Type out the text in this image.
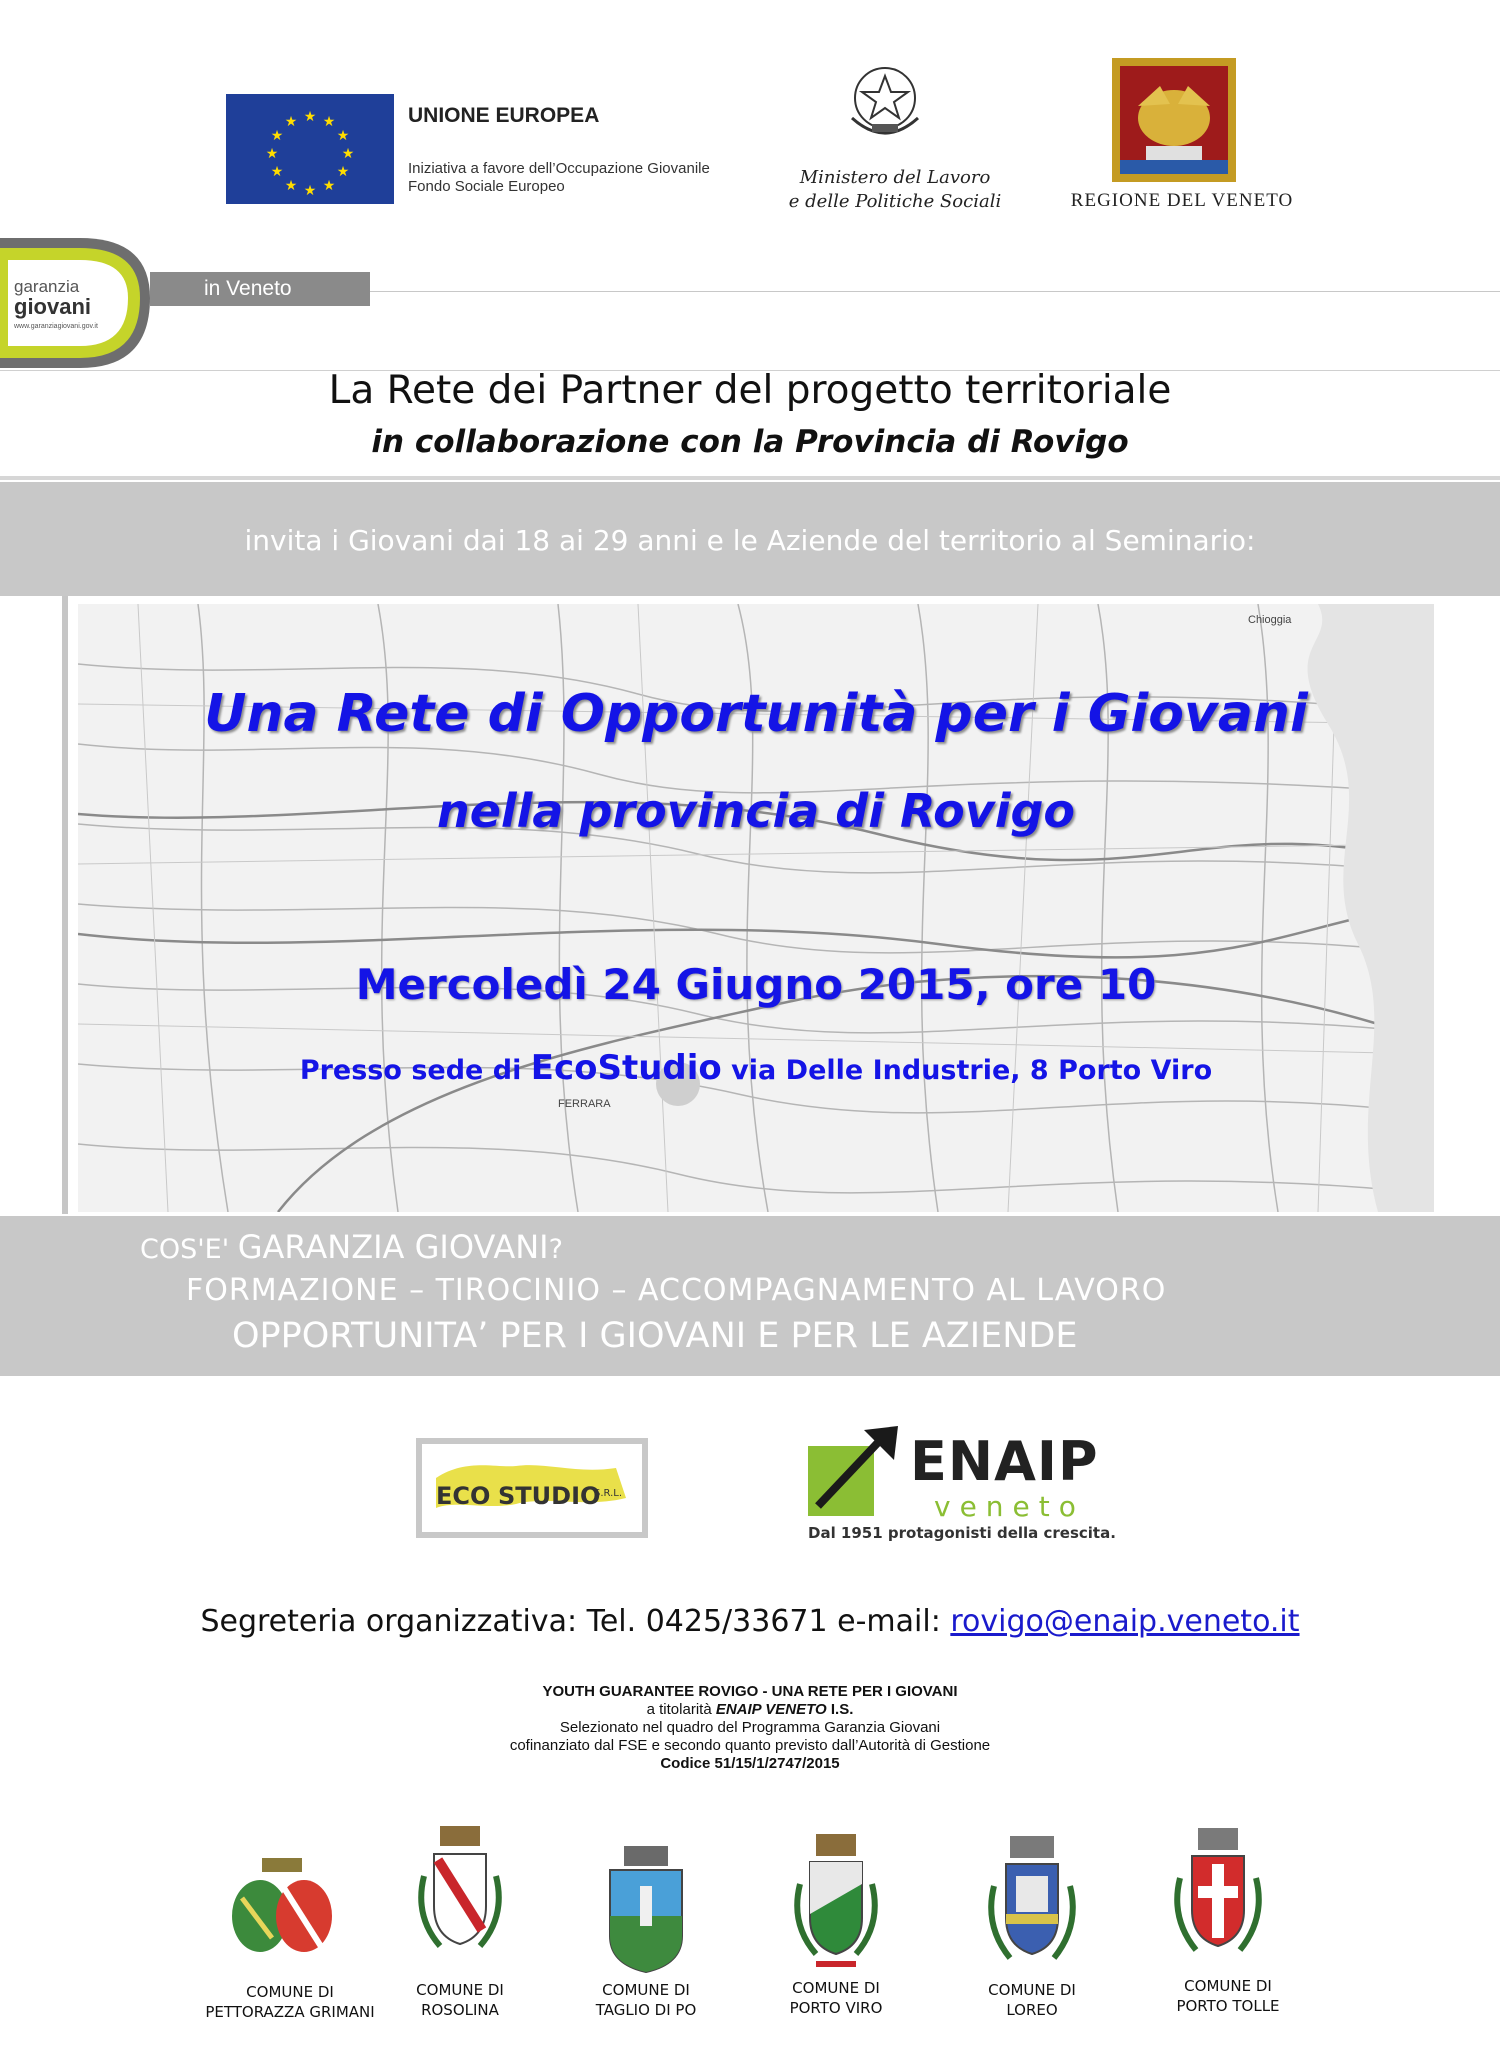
★ ★
★
★
★
★
★
★
★
★
★
★	UNIONE EUROPEA
Iniziativa a favore dell’Occupazione Giovanile
Fondo Sociale Europeo	Ministero del Lavoro
e delle Politiche Sociali	REGIONE DEL VENETO
in Veneto
garanzia
giovani
www.garanziagiovani.gov.it
La Rete dei Partner del progetto territoriale
in collaborazione con la Provincia di Rovigo
invita i Giovani dai 18 ai 29 anni e le Aziende del territorio al Seminario:
Chioggia
FERRARA
Una Rete di Opportunità per i Giovani
nella provincia di Rovigo
Mercoledì 24 Giugno 2015, ore 10
Presso sede di EcoStudio via Delle Industrie, 8 Porto Viro
COS'E' GARANZIA GIOVANI?
FORMAZIONE – TIROCINIO – ACCOMPAGNAMENTO AL LAVORO
OPPORTUNITA’ PER I GIOVANI E PER LE AZIENDE
ECO STUDIO
S.R.L.
ENAIP
veneto
Dal 1951 protagonisti della crescita.
Segreteria organizzativa: Tel. 0425/33671 e-mail: rovigo@enaip.veneto.it
YOUTH GUARANTEE ROVIGO - UNA RETE PER I GIOVANI
a titolarità ENAIP VENETO I.S.
Selezionato nel quadro del Programma Garanzia Giovani
cofinanziato dal FSE e secondo quanto previsto dall’Autorità di Gestione
Codice 51/15/1/2747/2015
COMUNE DI
PETTORAZZA GRIMANI
COMUNE DI
ROSOLINA
COMUNE DI
TAGLIO DI PO
COMUNE DI
PORTO VIRO
COMUNE DI
LOREO
COMUNE DI
PORTO TOLLE
